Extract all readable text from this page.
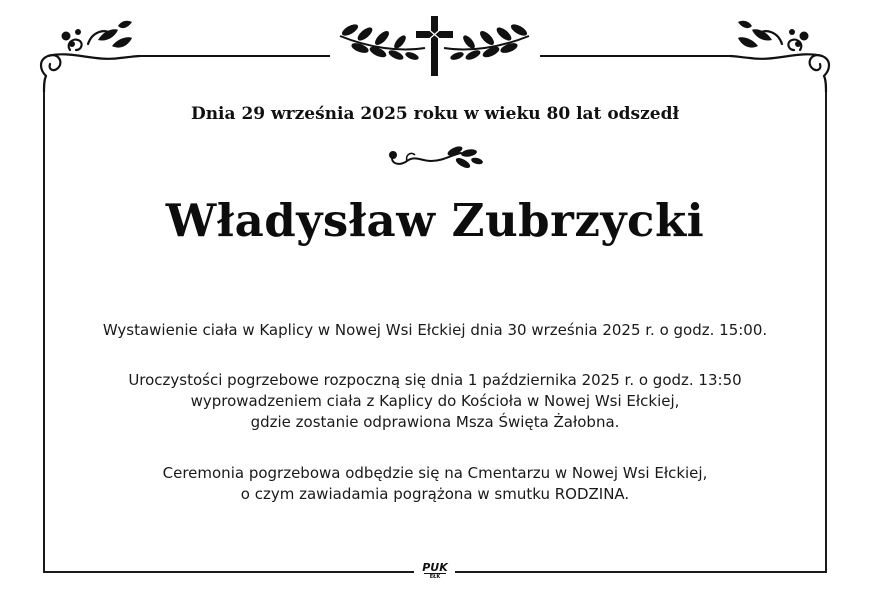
PUK
EŁK
Dnia 29 września 2025 roku w wieku 80 lat odszedł
Władysław Zubrzycki
Wystawienie ciała w Kaplicy w Nowej Wsi Ełckiej dnia 30 września 2025 r. o godz. 15:00.
Uroczystości pogrzebowe rozpoczną się dnia 1 października 2025 r. o godz. 13:50
wyprowadzeniem ciała z Kaplicy do Kościoła w Nowej Wsi Ełckiej,
gdzie zostanie odprawiona Msza Święta Żałobna.
Ceremonia pogrzebowa odbędzie się na Cmentarzu w Nowej Wsi Ełckiej,
o czym zawiadamia pogrążona w smutku RODZINA.
